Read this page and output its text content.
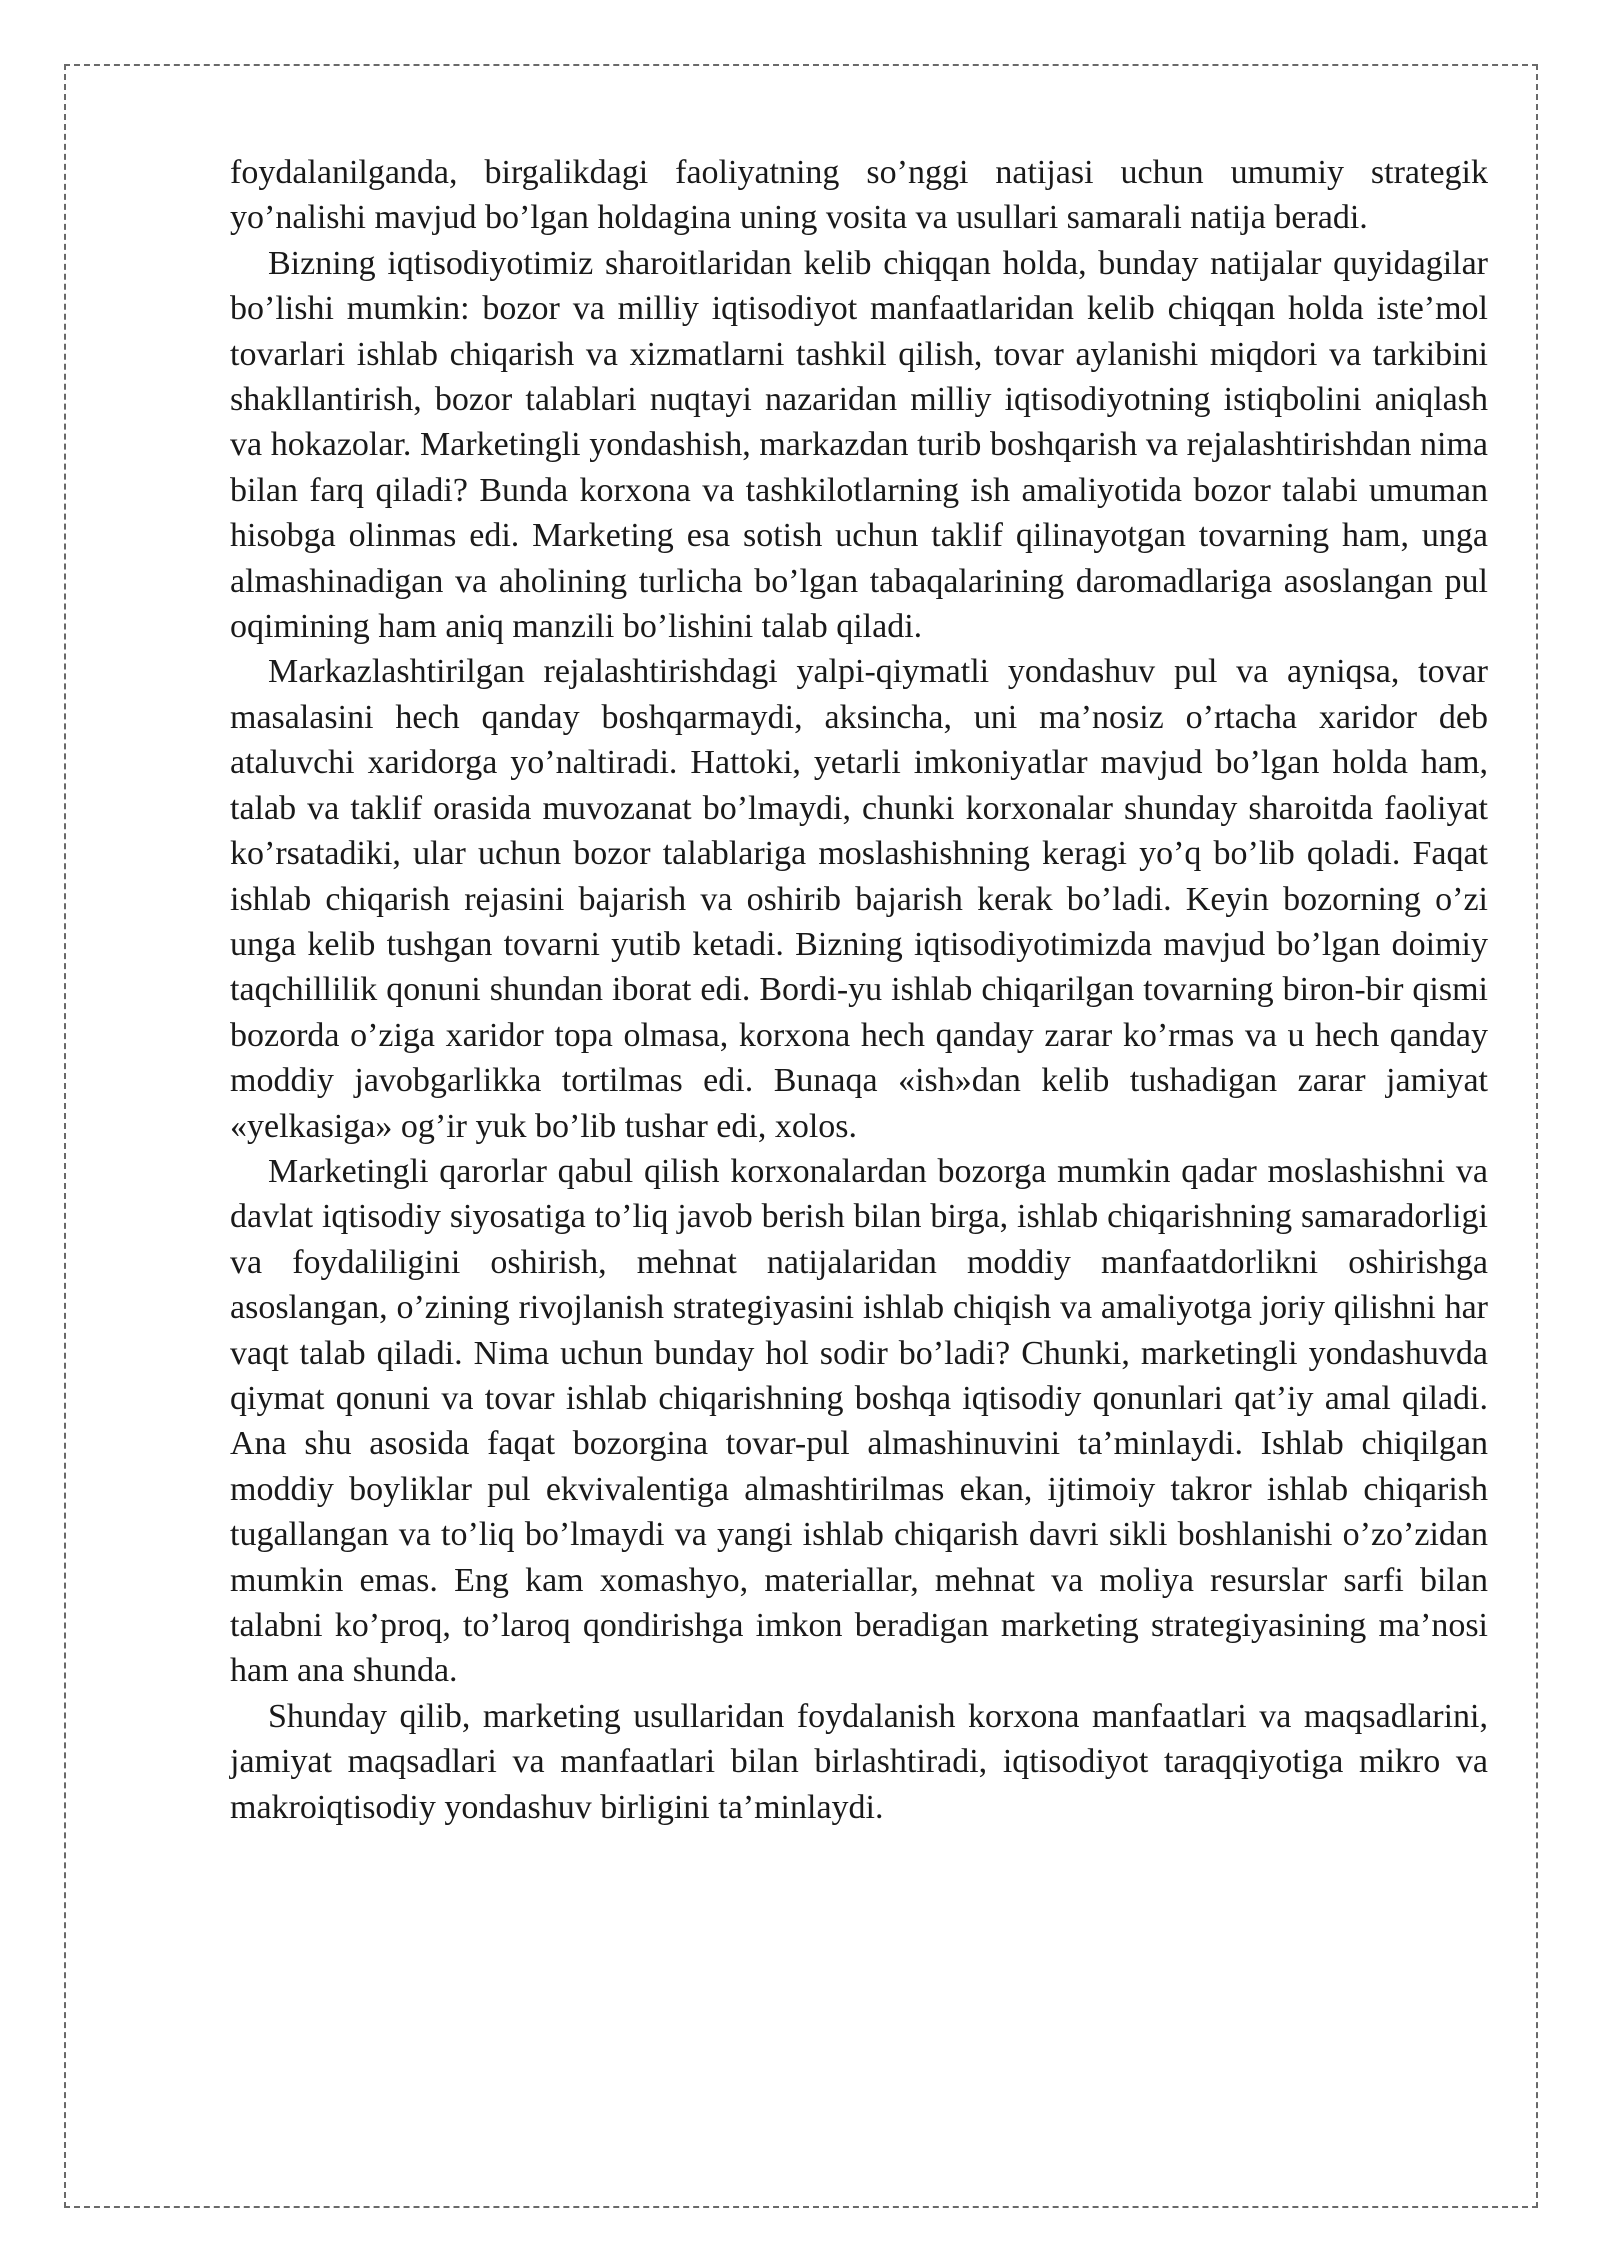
foydalanilganda, birgalikdagi faoliyatning so’nggi natijasi uchun umumiy strategik yo’nalishi mavjud bo’lgan holdagina uning vosita va usullari samarali natija beradi.

Bizning iqtisodiyotimiz sharoitlaridan kelib chiqqan holda, bunday natijalar quyidagilar bo’lishi mumkin: bozor va milliy iqtisodiyot manfaatlaridan kelib chiqqan holda iste’mol tovarlari ishlab chiqarish va xizmatlarni tashkil qilish, tovar aylanishi miqdori va tarkibini shakllantirish, bozor talablari nuqtayi nazaridan milliy iqtisodiyotning istiqbolini aniqlash va hokazolar. Marketingli yondashish, markazdan turib boshqarish va rejalashtirishdan nima bilan farq qiladi? Bunda korxona va tashkilotlarning ish amaliyotida bozor talabi umuman hisobga olinmas edi. Marketing esa sotish uchun taklif qilinayotgan tovarning ham, unga almashinadigan va aholining turlicha bo’lgan tabaqalarining daromadlariga asoslangan pul oqimining ham aniq manzili bo’lishini talab qiladi.

Markazlashtirilgan rejalashtirishdagi yalpi-qiymatli yondashuv pul va ayniqsa, tovar masalasini hech qanday boshqarmaydi, aksincha, uni ma’nosiz o’rtacha xaridor deb ataluvchi xaridorga yo’naltiradi. Hattoki, yetarli imkoniyatlar mavjud bo’lgan holda ham, talab va taklif orasida muvozanat bo’lmaydi, chunki korxonalar shunday sharoitda faoliyat ko’rsatadiki, ular uchun bozor talablariga moslashishning keragi yo’q bo’lib qoladi. Faqat ishlab chiqarish rejasini bajarish va oshirib bajarish kerak bo’ladi. Keyin bozorning o’zi unga kelib tushgan tovarni yutib ketadi. Bizning iqtisodiyotimizda mavjud bo’lgan doimiy taqchillilik qonuni shundan iborat edi. Bordi-yu ishlab chiqarilgan tovarning biron-bir qismi bozorda o’ziga xaridor topa olmasa, korxona hech qanday zarar ko’rmas va u hech qanday moddiy javobgarlikka tortilmas edi. Bunaqa «ish»dan kelib tushadigan zarar jamiyat «yelkasiga» og’ir yuk bo’lib tushar edi, xolos.

Marketingli qarorlar qabul qilish korxonalardan bozorga mumkin qadar moslashishni va davlat iqtisodiy siyosatiga to’liq javob berish bilan birga, ishlab chiqarishning samaradorligi va foydaliligini oshirish, mehnat natijalaridan moddiy manfaatdorlikni oshirishga asoslangan, o’zining rivojlanish strategiyasini ishlab chiqish va amaliyotga joriy qilishni har vaqt talab qiladi. Nima uchun bunday hol sodir bo’ladi? Chunki, marketingli yondashuvda qiymat qonuni va tovar ishlab chiqarishning boshqa iqtisodiy qonunlari qat’iy amal qiladi. Ana shu asosida faqat bozorgina tovar-pul almashinuvini ta’minlaydi. Ishlab chiqilgan moddiy boyliklar pul ekvivalentiga almashtirilmas ekan, ijtimoiy takror ishlab chiqarish tugallangan va to’liq bo’lmaydi va yangi ishlab chiqarish davri sikli boshlanishi o’zo’zidan mumkin emas. Eng kam xomashyo, materiallar, mehnat va moliya resurslar sarfi bilan talabni ko’proq, to’laroq qondirishga imkon beradigan marketing strategiyasining ma’nosi ham ana shunda.

Shunday qilib, marketing usullaridan foydalanish korxona manfaatlari va maqsadlarini, jamiyat maqsadlari va manfaatlari bilan birlashtiradi, iqtisodiyot taraqqiyotiga mikro va makroiqtisodiy yondashuv birligini ta’minlaydi.
